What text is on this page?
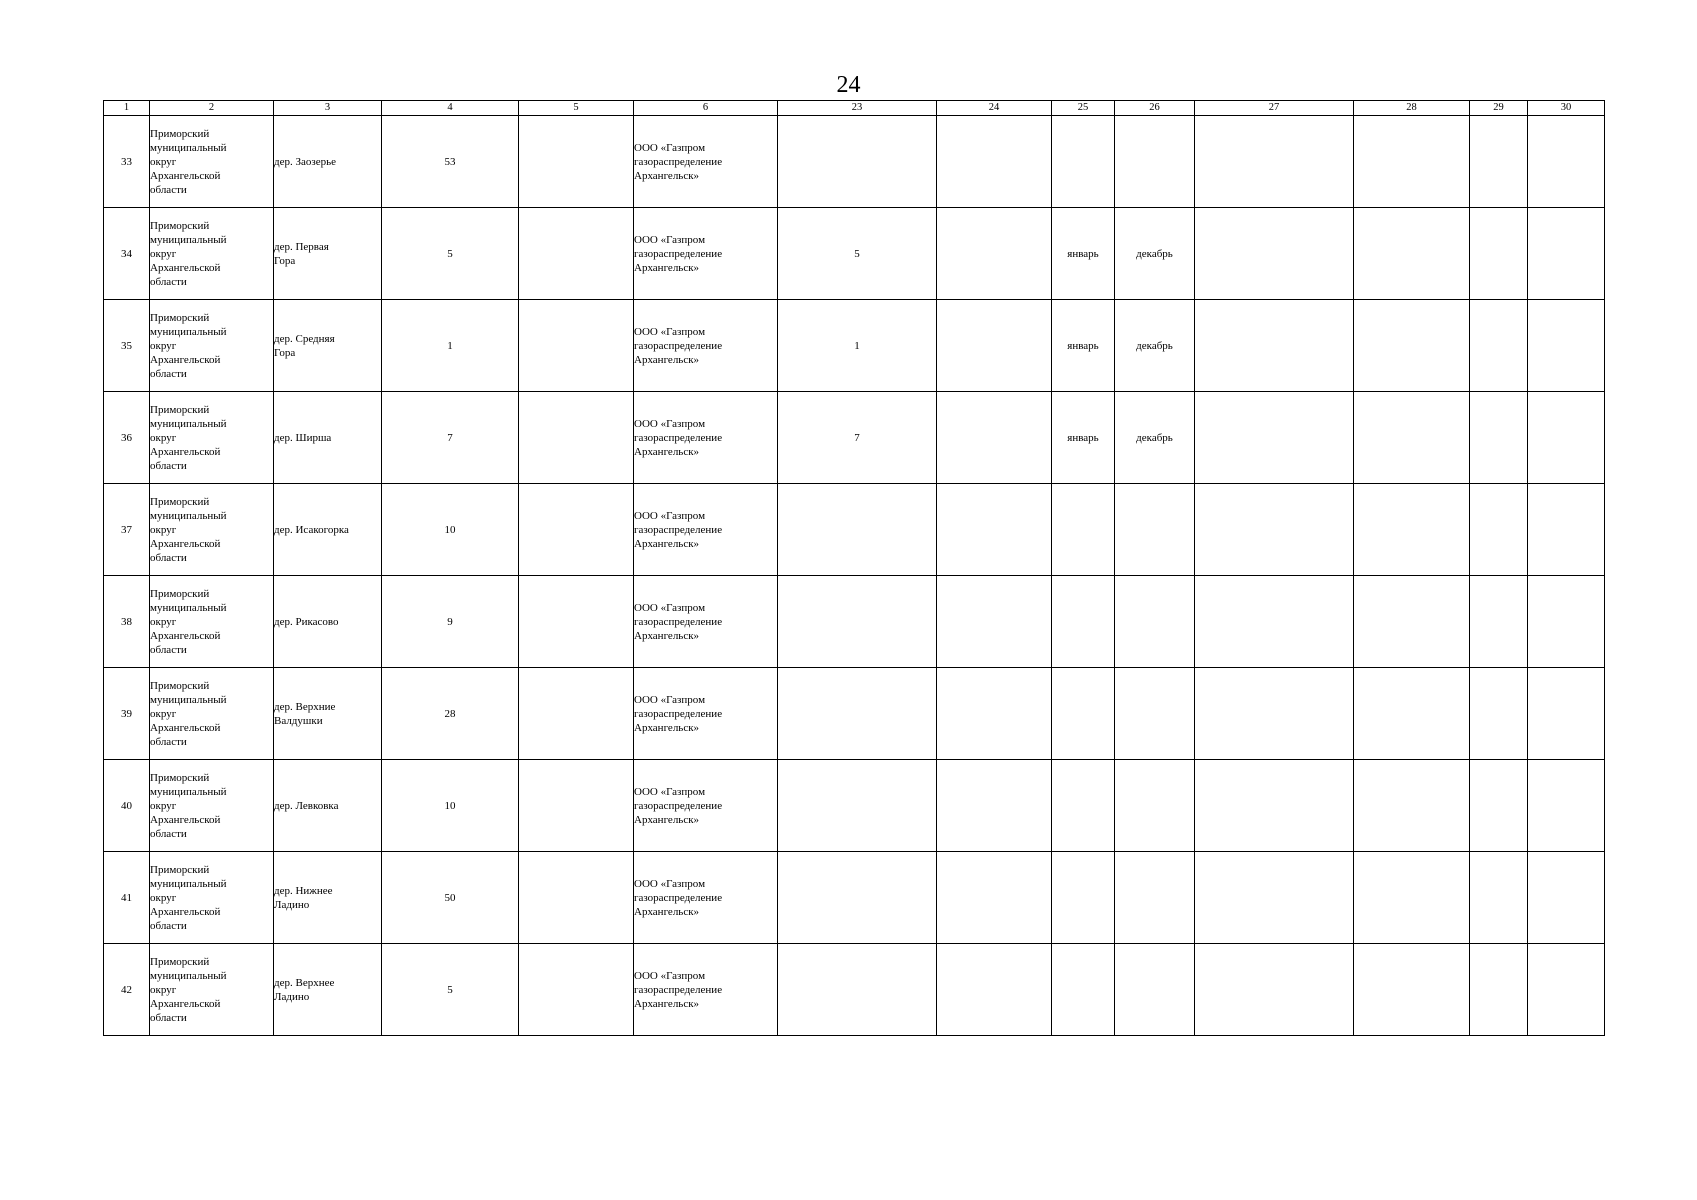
24
1	2	3	4	5	6	23	24	25	26	27	28	29	30

33	Приморский
муниципальный
округ
Архангельской
области	дер. Заозерье	53		ООО «Газпром
газораспределение
Архангельск»								

34	Приморский
муниципальный
округ
Архангельской
области	дер. Первая
Гора	5		ООО «Газпром
газораспределение
Архангельск»	5		январь	декабрь				

35	Приморский
муниципальный
округ
Архангельской
области	дер. Средняя
Гора	1		ООО «Газпром
газораспределение
Архангельск»	1		январь	декабрь				

36	Приморский
муниципальный
округ
Архангельской
области	дер. Ширша	7		ООО «Газпром
газораспределение
Архангельск»	7		январь	декабрь				

37	Приморский
муниципальный
округ
Архангельской
области	дер. Исакогорка	10		ООО «Газпром
газораспределение
Архангельск»								

38	Приморский
муниципальный
округ
Архангельской
области	дер. Рикасово	9		ООО «Газпром
газораспределение
Архангельск»								

39	Приморский
муниципальный
округ
Архангельской
области	дер. Верхние
Валдушки	28		ООО «Газпром
газораспределение
Архангельск»								

40	Приморский
муниципальный
округ
Архангельской
области	дер. Левковка	10		ООО «Газпром
газораспределение
Архангельск»								

41	Приморский
муниципальный
округ
Архангельской
области	дер. Нижнее
Ладино	50		ООО «Газпром
газораспределение
Архангельск»								

42	Приморский
муниципальный
округ
Архангельской
области	дер. Верхнее
Ладино	5		ООО «Газпром
газораспределение
Архангельск»								
